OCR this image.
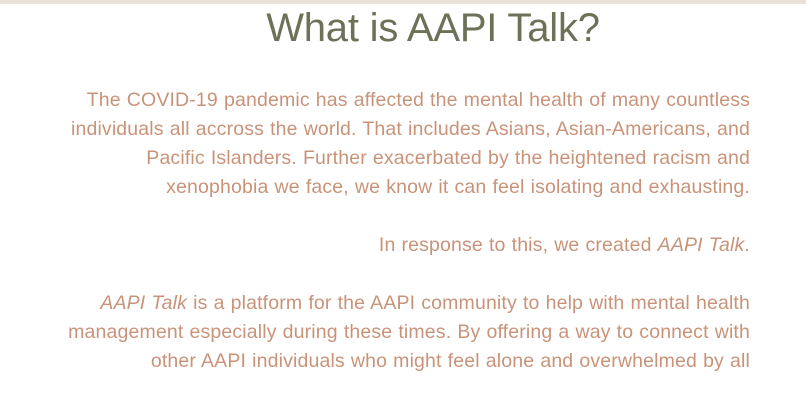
What is AAPI Talk?

The COVID-19 pandemic has affected the mental health of many countless individuals all accross the world. That includes Asians, Asian-Americans, and Pacific Islanders. Further exacerbated by the heightened racism and xenophobia we face, we know it can feel isolating and exhausting.

In response to this, we created AAPI Talk.

AAPI Talk is a platform for the AAPI community to help with mental health management especially during these times. By offering a way to connect with other AAPI individuals who might feel alone and overwhelmed by all
